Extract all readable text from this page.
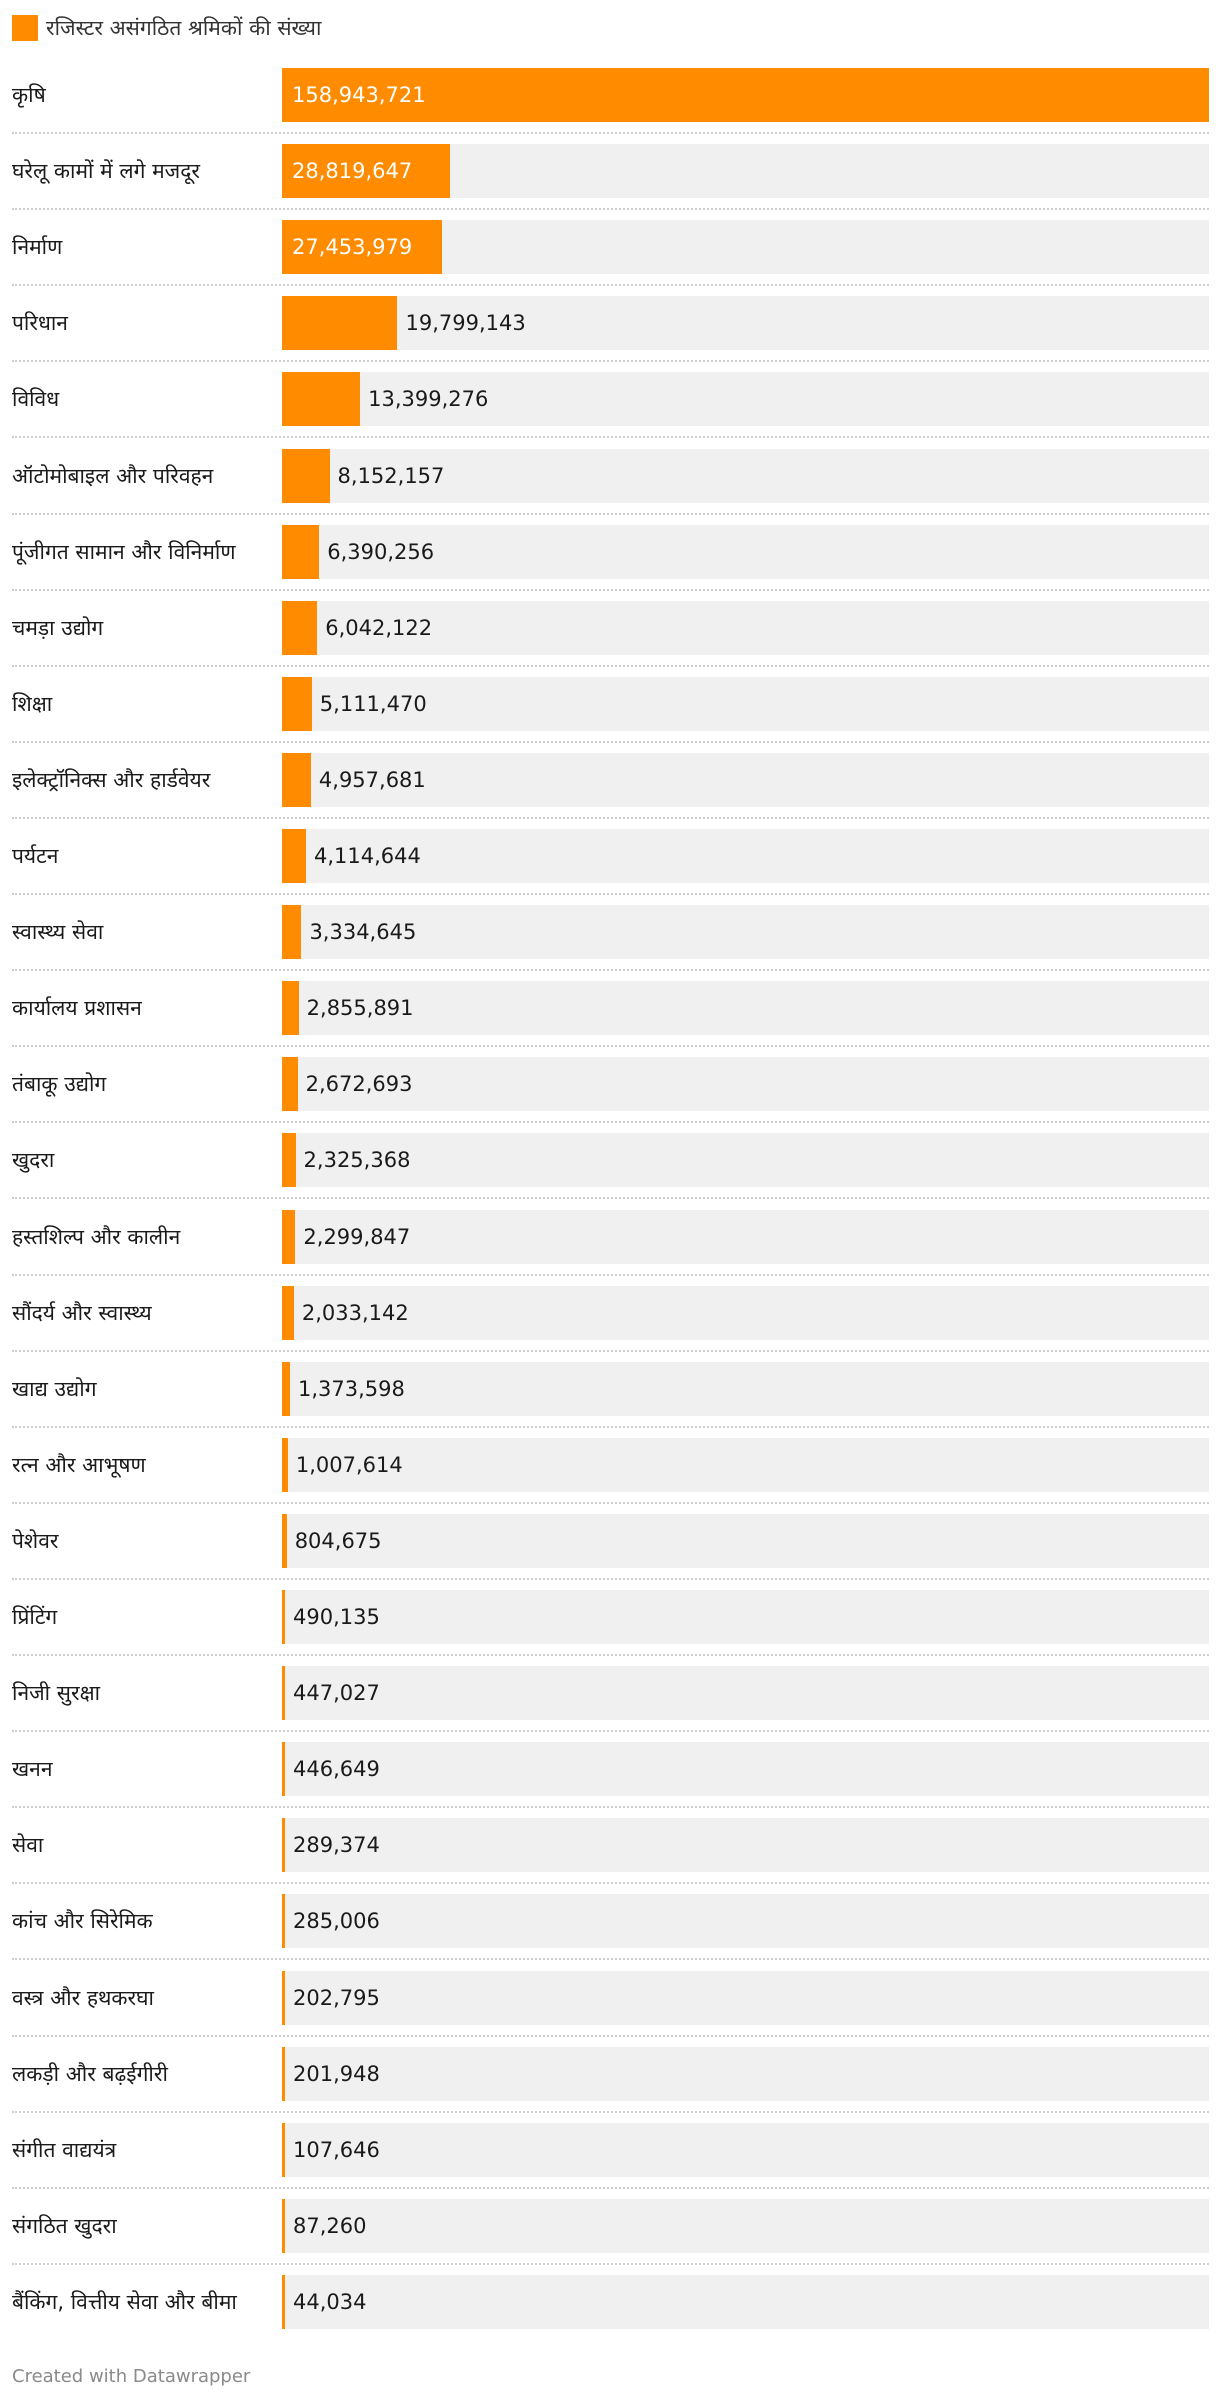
रजिस्टर असंगठित श्रमिकों की संख्या
कृषि	158,943,721
घरेलू कामों में लगे मजदूर	28,819,647
निर्माण	27,453,979
परिधान	19,799,143
विविध	13,399,276
ऑटोमोबाइल और परिवहन	8,152,157
पूंजीगत सामान और विनिर्माण	6,390,256
चमड़ा उद्योग	6,042,122
शिक्षा	5,111,470
इलेक्ट्रॉनिक्स और हार्डवेयर	4,957,681
पर्यटन	4,114,644
स्वास्थ्य सेवा	3,334,645
कार्यालय प्रशासन	2,855,891
तंबाकू उद्योग	2,672,693
खुदरा	2,325,368
हस्तशिल्प और कालीन	2,299,847
सौंदर्य और स्वास्थ्य	2,033,142
खाद्य उद्योग	1,373,598
रत्न और आभूषण	1,007,614
पेशेवर	804,675
प्रिंटिंग	490,135
निजी सुरक्षा	447,027
खनन	446,649
सेवा	289,374
कांच और सिरेमिक	285,006
वस्त्र और हथकरघा	202,795
लकड़ी और बढ़ईगीरी	201,948
संगीत वाद्ययंत्र	107,646
संगठित खुदरा	87,260
बैंकिंग, वित्तीय सेवा और बीमा	44,034
Created with Datawrapper
